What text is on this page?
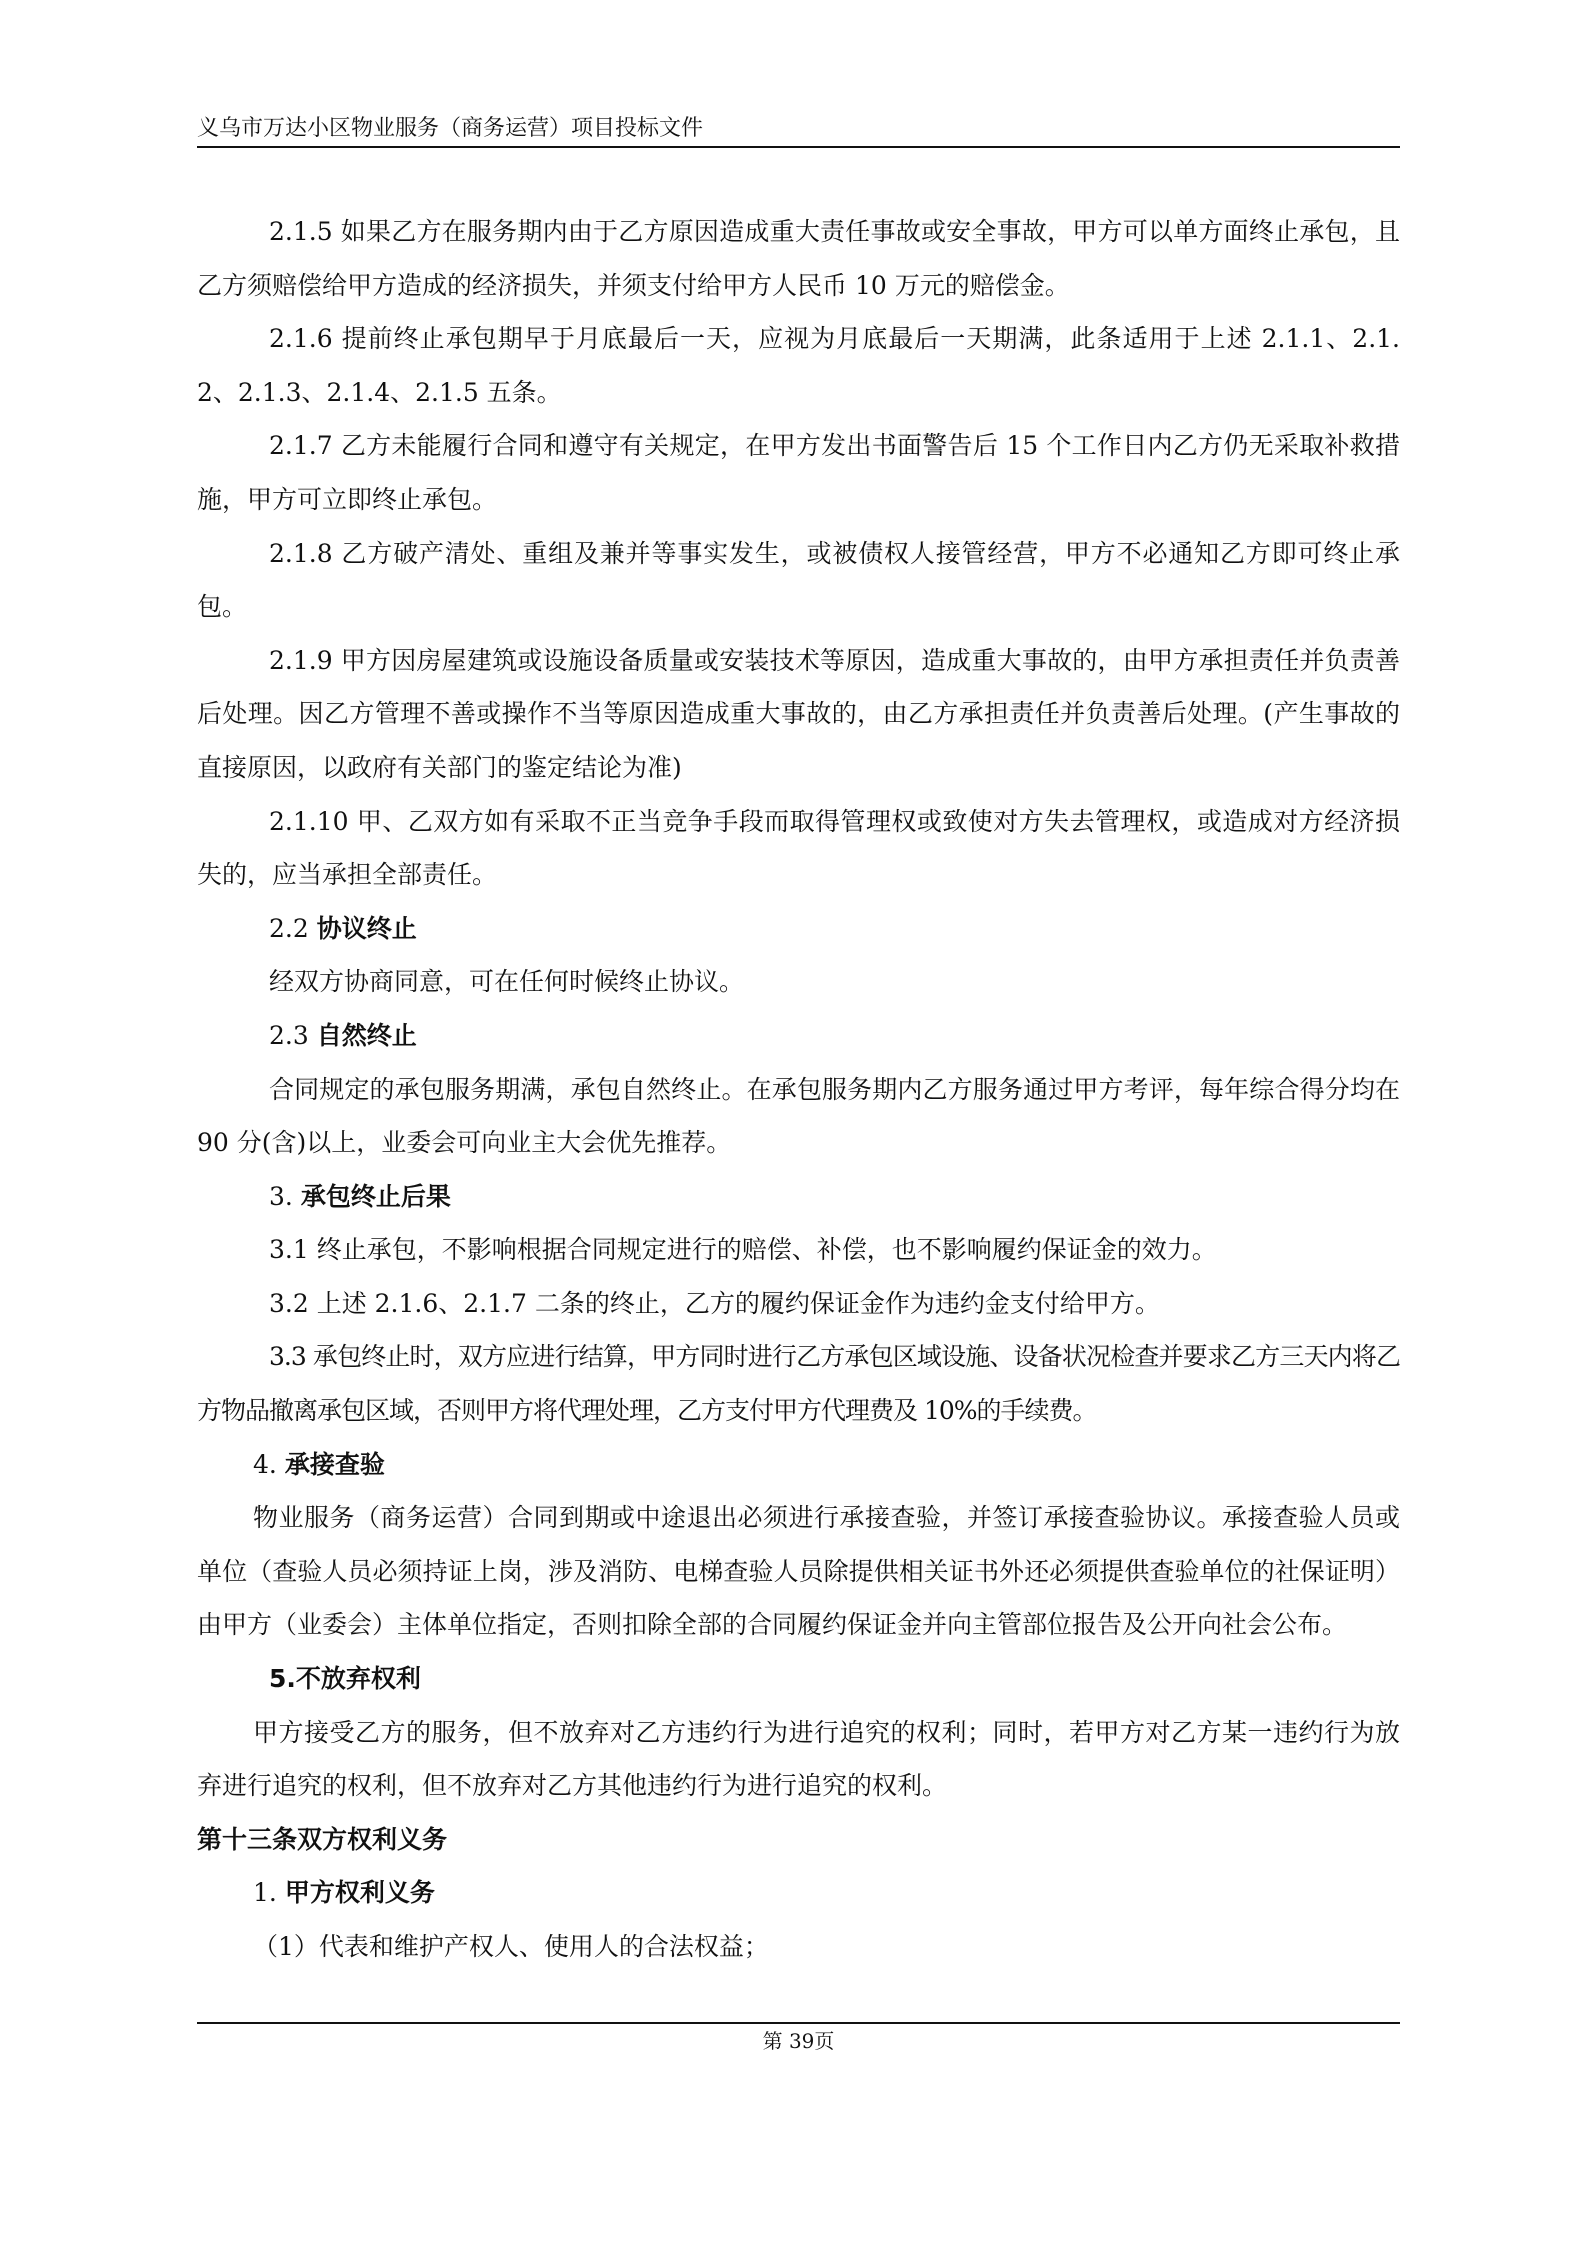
义乌市万达小区物业服务（商务运营）项目投标文件

2.1.5 如果乙方在服务期内由于乙方原因造成重大责任事故或安全事故，甲方可以单方面终止承包，且乙方须赔偿给甲方造成的经济损失，并须支付给甲方人民币 10 万元的赔偿金。

2.1.6 提前终止承包期早于月底最后一天，应视为月底最后一天期满，此条适用于上述 2.1.1、2.1.2、2.1.3、2.1.4、2.1.5 五条。

2.1.7 乙方未能履行合同和遵守有关规定，在甲方发出书面警告后 15 个工作日内乙方仍无采取补救措施，甲方可立即终止承包。

2.1.8 乙方破产清处、重组及兼并等事实发生，或被债权人接管经营，甲方不必通知乙方即可终止承包。

2.1.9 甲方因房屋建筑或设施设备质量或安装技术等原因，造成重大事故的，由甲方承担责任并负责善后处理。因乙方管理不善或操作不当等原因造成重大事故的，由乙方承担责任并负责善后处理。(产生事故的直接原因，以政府有关部门的鉴定结论为准)

2.1.10 甲、乙双方如有采取不正当竞争手段而取得管理权或致使对方失去管理权，或造成对方经济损失的，应当承担全部责任。

2.2 协议终止

经双方协商同意，可在任何时候终止协议。

2.3 自然终止

合同规定的承包服务期满，承包自然终止。在承包服务期内乙方服务通过甲方考评，每年综合得分均在 90 分(含)以上，业委会可向业主大会优先推荐。

3. 承包终止后果

3.1 终止承包，不影响根据合同规定进行的赔偿、补偿，也不影响履约保证金的效力。

3.2 上述 2.1.6、2.1.7 二条的终止，乙方的履约保证金作为违约金支付给甲方。

3.3 承包终止时，双方应进行结算，甲方同时进行乙方承包区域设施、设备状况检查并要求乙方三天内将乙方物品撤离承包区域，否则甲方将代理处理，乙方支付甲方代理费及 10%的手续费。

4. 承接查验

物业服务（商务运营）合同到期或中途退出必须进行承接查验，并签订承接查验协议。承接查验人员或单位（查验人员必须持证上岗，涉及消防、电梯查验人员除提供相关证书外还必须提供查验单位的社保证明）由甲方（业委会）主体单位指定，否则扣除全部的合同履约保证金并向主管部位报告及公开向社会公布。

5.不放弃权利

甲方接受乙方的服务，但不放弃对乙方违约行为进行追究的权利；同时，若甲方对乙方某一违约行为放弃进行追究的权利，但不放弃对乙方其他违约行为进行追究的权利。

第十三条双方权利义务
1. 甲方权利义务

（1）代表和维护产权人、使用人的合法权益；

第 39页
